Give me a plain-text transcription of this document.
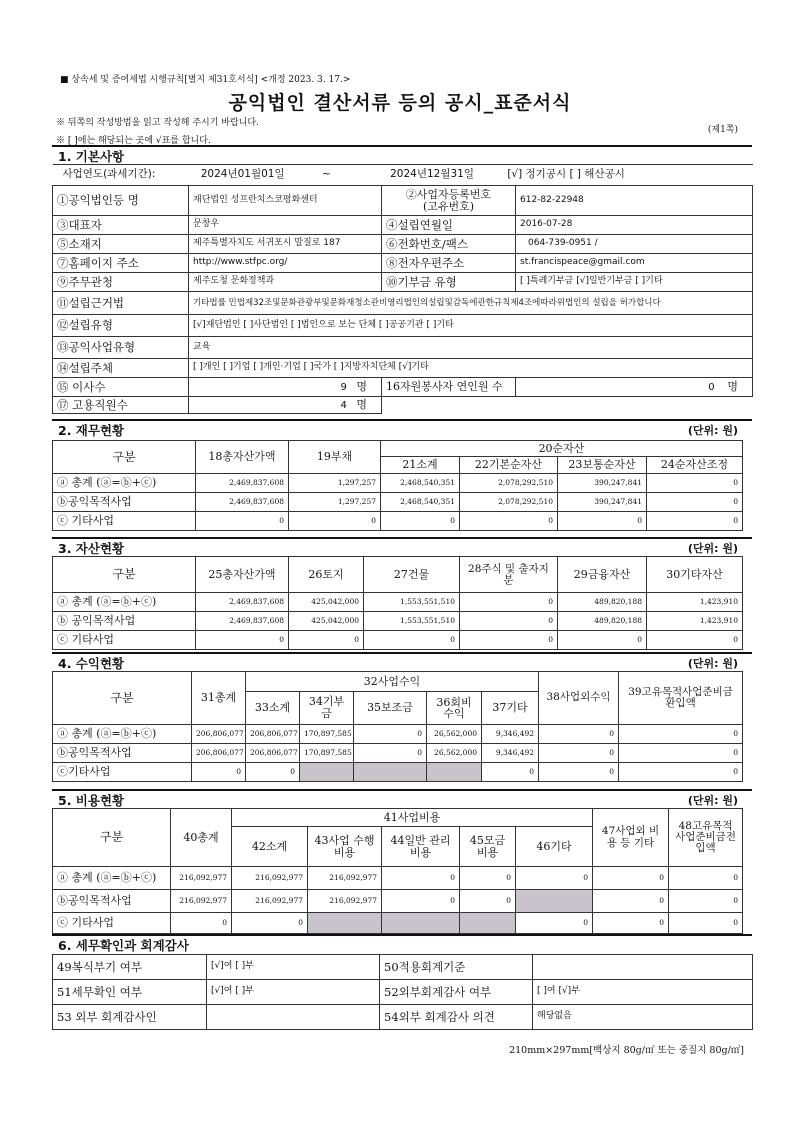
■ 상속세 및 증여세법 시행규칙[별지 제31호서식] <개정 2023. 3. 17.>
공익법인 결산서류 등의 공시_표준서식
※ 뒤쪽의 작성방법을 읽고 작성해 주시기 바랍니다.
※ [ ]에는 해당되는 곳에 √표를 합니다.
(제1쪽)
1. 기본사항
사업연도(과세기간): 2024년01월01일 ~ 2024년12월31일 [√] 정기공시 [ ] 해산공시			
①공익법인등 명	재단법인 성프란치스코평화센터	②사업자등록번호
(고유번호)	612-82-22948
③대표자	문창우	④설립연월일	2016-07-28
⑤소재지	제주특별자치도 서귀포시 말질로 187	⑥전화번호/팩스	064-739-0951 /
⑦홈페이지 주소	http://www.stfpc.org/	⑧전자우편주소	st.francispeace@gmail.com
⑨주무관청	제주도청 문화정책과	⑩기부금 유형	[ ]특례기부금 [√]일반기부금 [ ]기타
⑪설립근거법	기타법률 민법제32조및문화관광부및문화재청소관비영리법인의설립및감독에관한규칙제4조에따라위법인의 설립을 허가합니다		
⑫설립유형	[√]재단법인 [ ]사단법인 [ ]법인으로 보는 단체 [ ]공공기관 [ ]기타		
⑬공익사업유형	교육		
⑭설립주체	[ ]개인 [ ]기업 [ ]개인·기업 [ ]국가 [ ]지방자치단체 [√]기타		
⑮ 이사수	9 명	16자원봉사자 연인원 수	0 명
⑰ 고용직원수	4 명		
2. 재무현황	(단위: 원)
구분	18총자산가액	19부채	20순자산			
			21소계	22기본순자산	23보통순자산	24순자산조정
ⓐ 총계 (ⓐ=ⓑ+ⓒ)	2,469,837,608	1,297,257	2,468,540,351	2,078,292,510	390,247,841	0
ⓑ공익목적사업	2,469,837,608	1,297,257	2,468,540,351	2,078,292,510	390,247,841	0
ⓒ 기타사업	0	0	0	0	0	0
3. 자산현황	(단위: 원)
구분	25총자산가액	26토지	27건물	28주식 및 출자지분	29금융자산	30기타자산
ⓐ 총계 (ⓐ=ⓑ+ⓒ)	2,469,837,608	425,042,000	1,553,551,510	0	489,820,188	1,423,910
ⓑ 공익목적사업	2,469,837,608	425,042,000	1,553,551,510	0	489,820,188	1,423,910
ⓒ 기타사업	0	0	0	0	0	0
4. 수익현황	(단위: 원)
구분	31총계	32사업수익					38사업외수익	39고유목적사업준비금 환입액
		33소계	34기부금	35보조금	36회비 수익	37기타		
ⓐ 총계 (ⓐ=ⓑ+ⓒ)	206,806,077	206,806,077	170,897,585	0	26,562,000	9,346,492	0	0
ⓑ공익목적사업	206,806,077	206,806,077	170,897,585	0	26,562,000	9,346,492	0	0
ⓒ기타사업	0	0				0	0	0
5. 비용현황	(단위: 원)
구분	40총계	41사업비용					47사업외 비용 등 기타	48고유목적 사업준비금전 입액
		42소계	43사업 수행비용	44일반 관리비용	45모금 비용	46기타		
ⓐ 총계 (ⓐ=ⓑ+ⓒ)	216,092,977	216,092,977	216,092,977	0	0	0	0	0
ⓑ공익목적사업	216,092,977	216,092,977	216,092,977	0	0		0	0
ⓒ 기타사업	0	0				0	0	0
6. 세무확인과 회계감사
49복식부기 여부	[√]여 [ ]부	50적용회계기준	
51세무확인 여부	[√]여 [ ]부	52외부회계감사 여부	[ ]여 [√]부
53 외부 회계감사인		54외부 회계감사 의견	해당없음
210mm×297mm[백상지 80g/㎡ 또는 중질지 80g/㎡]
